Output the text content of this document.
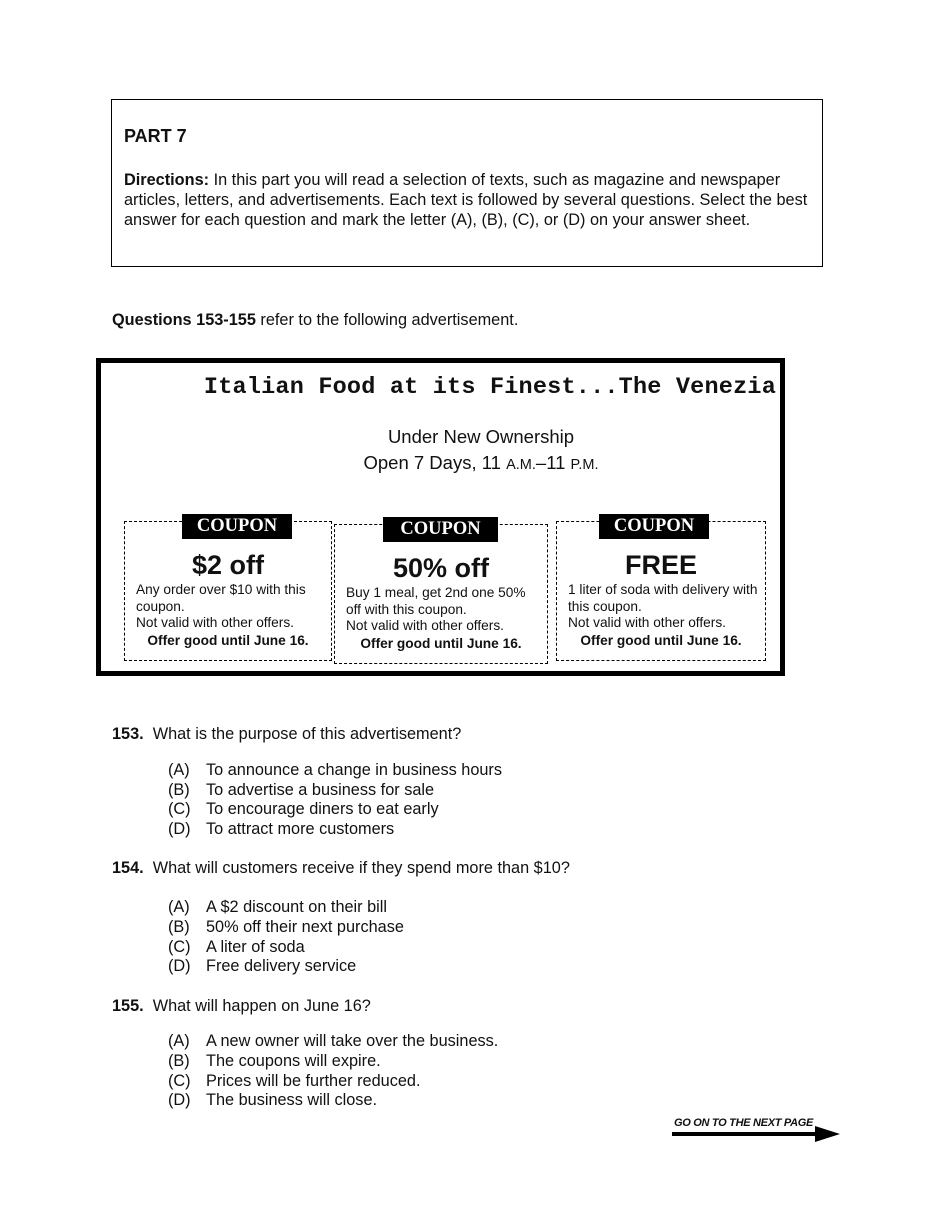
PART 7
Directions: In this part you will read a selection of texts, such as magazine and newspaper articles, letters, and advertisements. Each text is followed by several questions. Select the best answer for each question and mark the letter (A), (B), (C), or (D) on your answer sheet.
Questions 153-155 refer to the following advertisement.
Italian Food at its Finest...The Venezia
Under New Ownership
Open 7 Days, 11 A.M.–11 P.M.
COUPON
$2 off
Any order over $10 with this coupon.
Not valid with other offers.
Offer good until June 16.
COUPON
50% off
Buy 1 meal, get 2nd one 50% off with this coupon.
Not valid with other offers.
Offer good until June 16.
COUPON
FREE
1 liter of soda with delivery with this coupon.
Not valid with other offers.
Offer good until June 16.
153. What is the purpose of this advertisement?
(A) To announce a change in business hours
(B) To advertise a business for sale
(C) To encourage diners to eat early
(D) To attract more customers
154. What will customers receive if they spend more than $10?
(A) A $2 discount on their bill
(B) 50% off their next purchase
(C) A liter of soda
(D) Free delivery service
155. What will happen on June 16?
(A) A new owner will take over the business.
(B) The coupons will expire.
(C) Prices will be further reduced.
(D) The business will close.
GO ON TO THE NEXT PAGE
